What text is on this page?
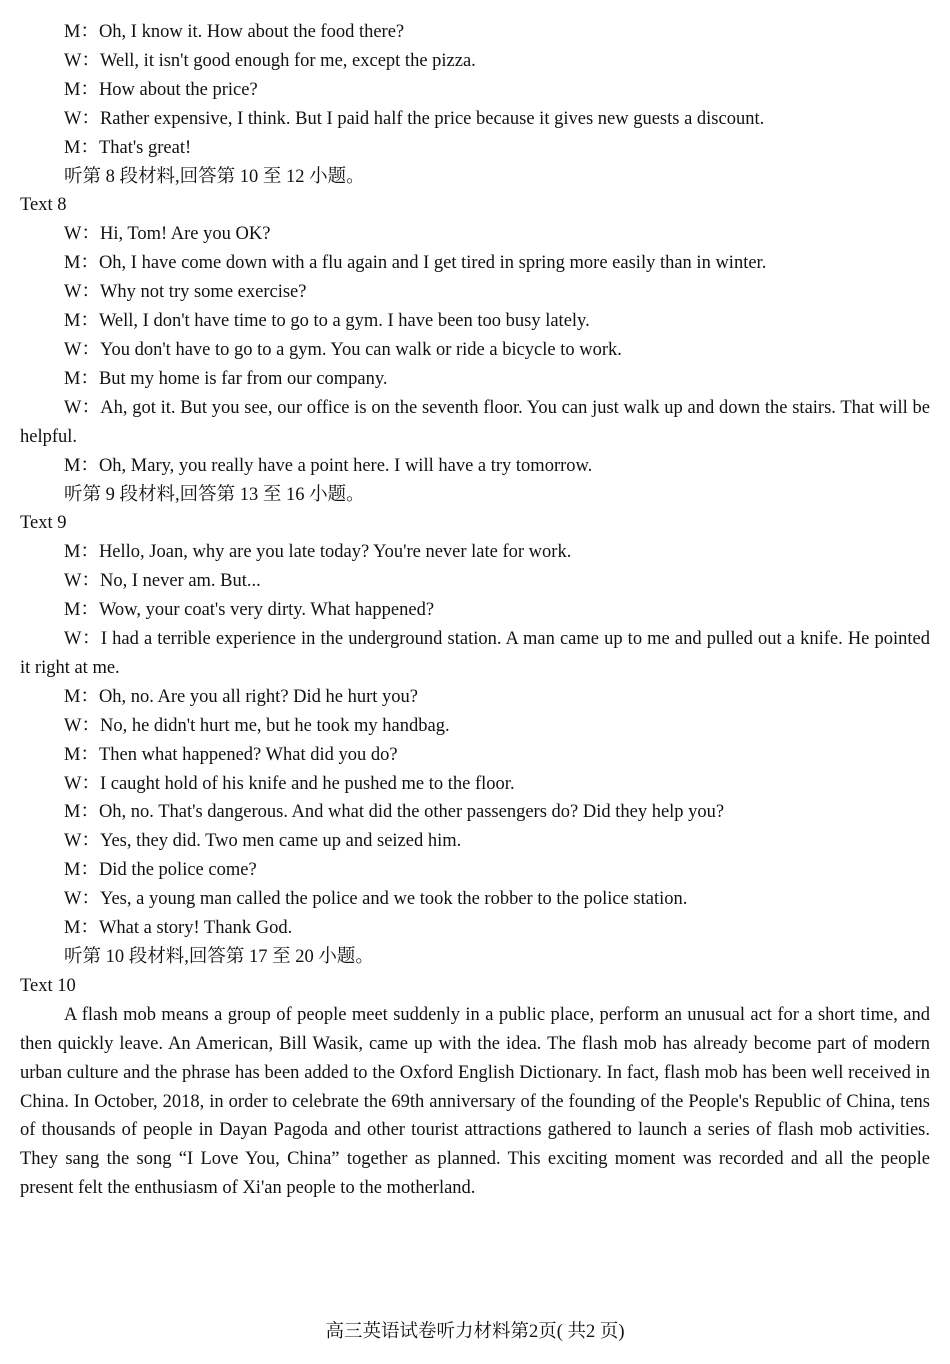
M：Oh, I know it. How about the food there?

W：Well, it isn't good enough for me, except the pizza.

M：How about the price?

W：Rather expensive, I think. But I paid half the price because it gives new guests a discount.

M：That's great!

听第 8 段材料,回答第 10 至 12 小题。

Text 8

W：Hi, Tom! Are you OK?

M：Oh, I have come down with a flu again and I get tired in spring more easily than in winter.

W：Why not try some exercise?

M：Well, I don't have time to go to a gym. I have been too busy lately.

W：You don't have to go to a gym. You can walk or ride a bicycle to work.

M：But my home is far from our company.

W：Ah, got it. But you see, our office is on the seventh floor. You can just walk up and down the stairs. That will be helpful.

M：Oh, Mary, you really have a point here. I will have a try tomorrow.

听第 9 段材料,回答第 13 至 16 小题。

Text 9

M：Hello, Joan, why are you late today? You're never late for work.

W：No, I never am. But...

M：Wow, your coat's very dirty. What happened?

W：I had a terrible experience in the underground station. A man came up to me and pulled out a knife. He pointed it right at me.

M：Oh, no. Are you all right? Did he hurt you?

W：No, he didn't hurt me, but he took my handbag.

M：Then what happened? What did you do?

W：I caught hold of his knife and he pushed me to the floor.

M：Oh, no. That's dangerous. And what did the other passengers do? Did they help you?

W：Yes, they did. Two men came up and seized him.

M：Did the police come?

W：Yes, a young man called the police and we took the robber to the police station.

M：What a story! Thank God.

听第 10 段材料,回答第 17 至 20 小题。

Text 10

A flash mob means a group of people meet suddenly in a public place, perform an unusual act for a short time, and then quickly leave. An American, Bill Wasik, came up with the idea. The flash mob has already become part of modern urban culture and the phrase has been added to the Oxford English Dictionary. In fact, flash mob has been well received in China. In October, 2018, in order to celebrate the 69th anniversary of the founding of the People's Republic of China, tens of thousands of people in Dayan Pagoda and other tourist attractions gathered to launch a series of flash mob activities. They sang the song “I Love You, China” together as planned. This exciting moment was recorded and all the people present felt the enthusiasm of Xi'an people to the motherland.

高三英语试卷听力材料第2页( 共2 页)
